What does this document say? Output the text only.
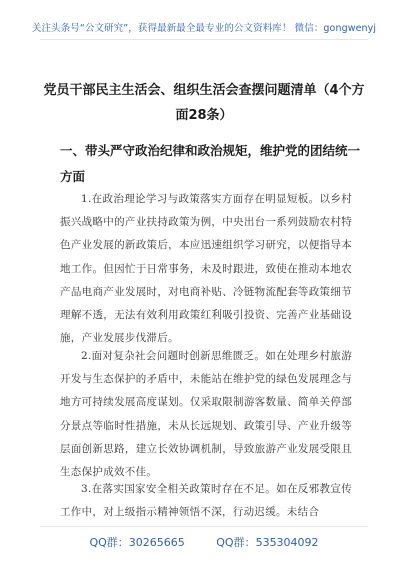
关注头条号“公文研究”，获得最新最全最专业的公文资料库！ 微信：gongwenyj
党员干部民主生活会、组织生活会查摆问题清单（4个方面28条）
一、带头严守政治纪律和政治规矩，维护党的团结统一方面

1.在政治理论学习与政策落实方面存在明显短板。以乡村振兴战略中的产业扶持政策为例，中央出台一系列鼓励农村特色产业发展的新政策后，本应迅速组织学习研究，以便指导本地工作。但因忙于日常事务，未及时跟进，致使在推动本地农产品电商产业发展时，对电商补贴、冷链物流配套等政策细节理解不透，无法有效利用政策红利吸引投资、完善产业基础设施，产业发展步伐滞后。

2.面对复杂社会问题时创新思维匮乏。如在处理乡村旅游开发与生态保护的矛盾中，未能站在维护党的绿色发展理念与地方可持续发展高度谋划。仅采取限制游客数量、简单关停部分景点等临时性措施，未从长远规划、政策引导、产业升级等层面创新思路，建立长效协调机制，导致旅游产业发展受限且生态保护成效不佳。

3.在落实国家安全相关政策时存在不足。如在反邪教宣传工作中，对上级指示精神领悟不深，行动迟缓。未结合

QQ群：30265665	QQ群：535304092
